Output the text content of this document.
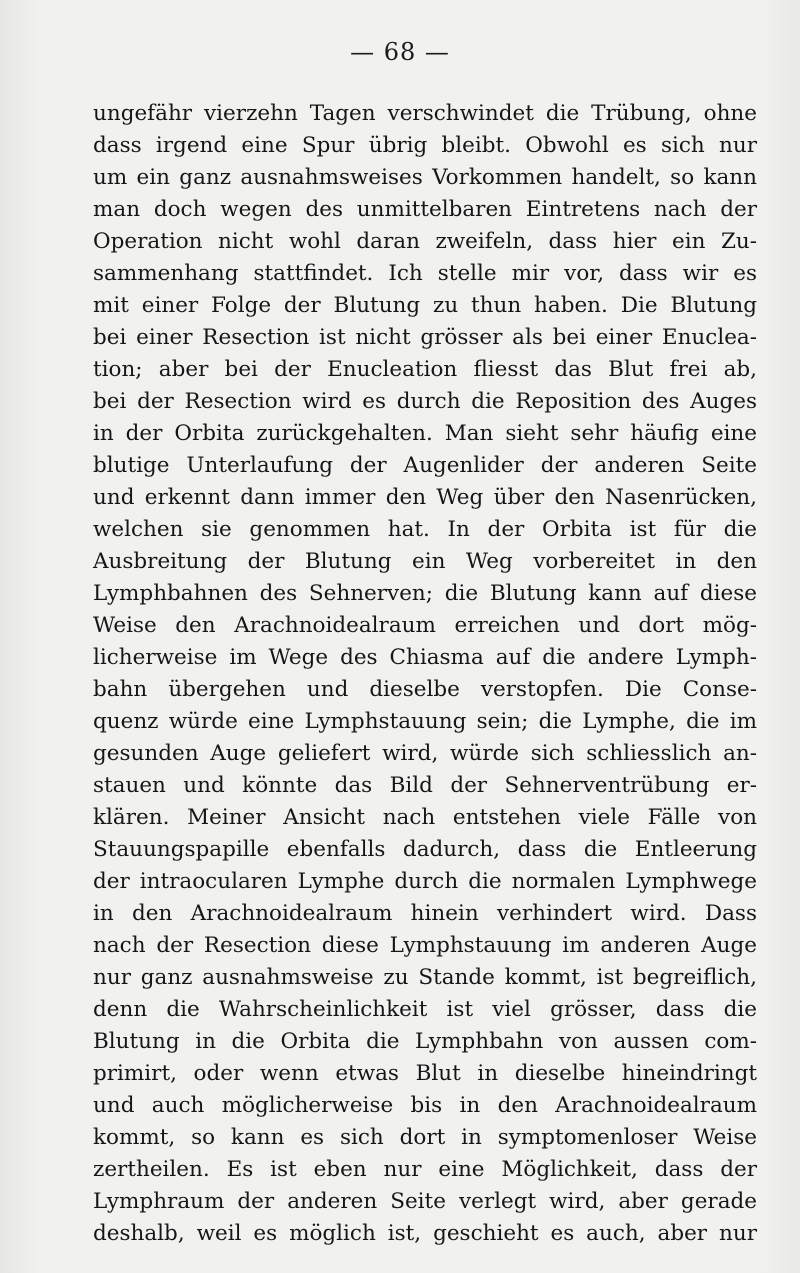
— 68 —
ungefähr vierzehn Tagen verschwindet die Trübung, ohne
dass irgend eine Spur übrig bleibt. Obwohl es sich nur
um ein ganz ausnahmsweises Vorkommen handelt, so kann
man doch wegen des unmittelbaren Eintretens nach der
Operation nicht wohl daran zweifeln, dass hier ein Zu-
sammenhang stattfindet. Ich stelle mir vor, dass wir es
mit einer Folge der Blutung zu thun haben. Die Blutung
bei einer Resection ist nicht grösser als bei einer Enuclea-
tion; aber bei der Enucleation fliesst das Blut frei ab,
bei der Resection wird es durch die Reposition des Auges
in der Orbita zurückgehalten. Man sieht sehr häufig eine
blutige Unterlaufung der Augenlider der anderen Seite
und erkennt dann immer den Weg über den Nasenrücken,
welchen sie genommen hat. In der Orbita ist für die
Ausbreitung der Blutung ein Weg vorbereitet in den
Lymphbahnen des Sehnerven; die Blutung kann auf diese
Weise den Arachnoidealraum erreichen und dort mög-
licherweise im Wege des Chiasma auf die andere Lymph-
bahn übergehen und dieselbe verstopfen. Die Conse-
quenz würde eine Lymphstauung sein; die Lymphe, die im
gesunden Auge geliefert wird, würde sich schliesslich an-
stauen und könnte das Bild der Sehnerventrübung er-
klären. Meiner Ansicht nach entstehen viele Fälle von
Stauungspapille ebenfalls dadurch, dass die Entleerung
der intraocularen Lymphe durch die normalen Lymphwege
in den Arachnoidealraum hinein verhindert wird. Dass
nach der Resection diese Lymphstauung im anderen Auge
nur ganz ausnahmsweise zu Stande kommt, ist begreiflich,
denn die Wahrscheinlichkeit ist viel grösser, dass die
Blutung in die Orbita die Lymphbahn von aussen com-
primirt, oder wenn etwas Blut in dieselbe hineindringt
und auch möglicherweise bis in den Arachnoidealraum
kommt, so kann es sich dort in symptomenloser Weise
zertheilen. Es ist eben nur eine Möglichkeit, dass der
Lymphraum der anderen Seite verlegt wird, aber gerade
deshalb, weil es möglich ist, geschieht es auch, aber nur
